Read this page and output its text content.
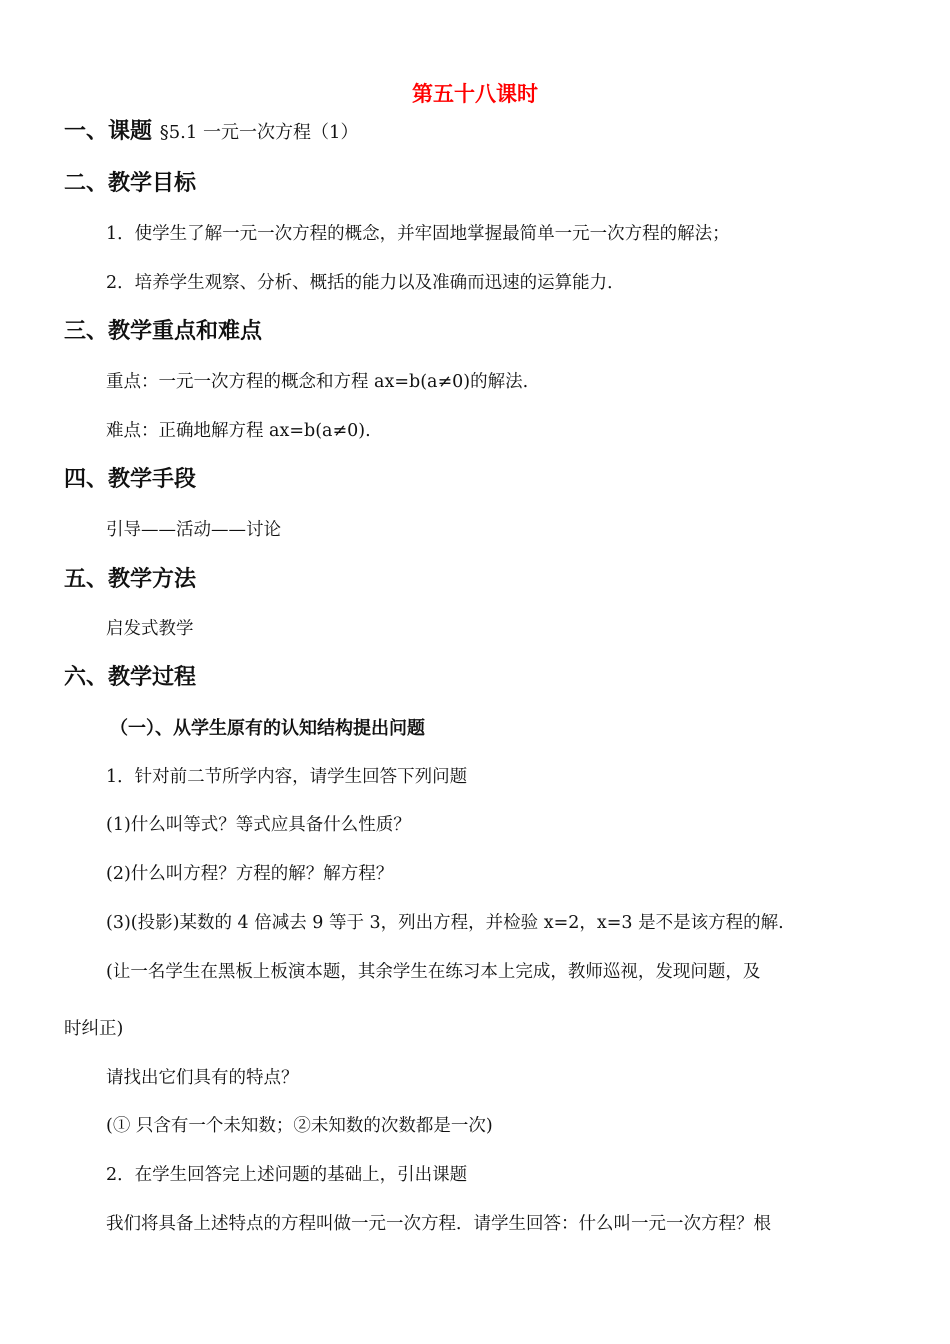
第五十八课时
一、课题 §5.1 一元一次方程（1）
二、教学目标
1．使学生了解一元一次方程的概念，并牢固地掌握最简单一元一次方程的解法；
2．培养学生观察、分析、概括的能力以及准确而迅速的运算能力．
三、教学重点和难点
重点：一元一次方程的概念和方程 ax=b(a≠0)的解法.
难点：正确地解方程 ax=b(a≠0).
四、教学手段
引导——活动——讨论
五、教学方法
启发式教学
六、教学过程
（一）、从学生原有的认知结构提出问题
1．针对前二节所学内容，请学生回答下列问题
(1)什么叫等式？等式应具备什么性质？
(2)什么叫方程？方程的解？解方程？
(3)(投影)某数的 4 倍减去 9 等于 3，列出方程，并检验 x=2，x=3 是不是该方程的解.
(让一名学生在黑板上板演本题，其余学生在练习本上完成，教师巡视，发现问题，及
时纠正)
请找出它们具有的特点？
(① 只含有一个未知数；②未知数的次数都是一次)
2．在学生回答完上述问题的基础上，引出课题
我们将具备上述特点的方程叫做一元一次方程．请学生回答：什么叫一元一次方程？根
